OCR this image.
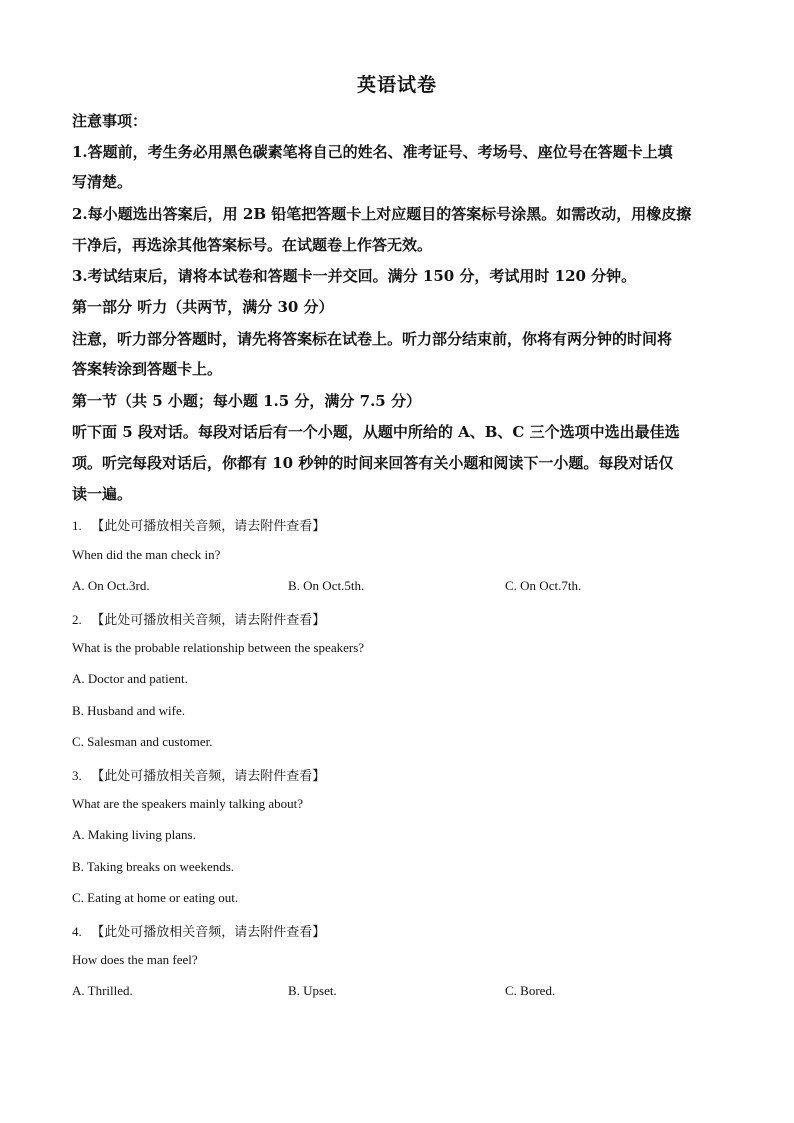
英语试卷
注意事项：
1.答题前，考生务必用黑色碳素笔将自己的姓名、准考证号、考场号、座位号在答题卡上填
写清楚。
2.每小题选出答案后，用 2B 铅笔把答题卡上对应题目的答案标号涂黑。如需改动，用橡皮擦
干净后，再选涂其他答案标号。在试题卷上作答无效。
3.考试结束后，请将本试卷和答题卡一并交回。满分 150 分，考试用时 120 分钟。
第一部分 听力（共两节，满分 30 分）
注意，听力部分答题时，请先将答案标在试卷上。听力部分结束前，你将有两分钟的时间将
答案转涂到答题卡上。
第一节（共 5 小题；每小题 1.5 分，满分 7.5 分）
听下面 5 段对话。每段对话后有一个小题，从题中所给的 A、B、C 三个选项中选出最佳选
项。听完每段对话后，你都有 10 秒钟的时间来回答有关小题和阅读下一小题。每段对话仅
读一遍。
1. 【此处可播放相关音频，请去附件查看】
When did the man check in?
A. On Oct.3rd.	B. On Oct.5th.	C. On Oct.7th.
2. 【此处可播放相关音频，请去附件查看】
What is the probable relationship between the speakers?
A. Doctor and patient.
B. Husband and wife.
C. Salesman and customer.
3. 【此处可播放相关音频，请去附件查看】
What are the speakers mainly talking about?
A. Making living plans.
B. Taking breaks on weekends.
C. Eating at home or eating out.
4. 【此处可播放相关音频，请去附件查看】
How does the man feel?
A. Thrilled.	B. Upset.	C. Bored.
